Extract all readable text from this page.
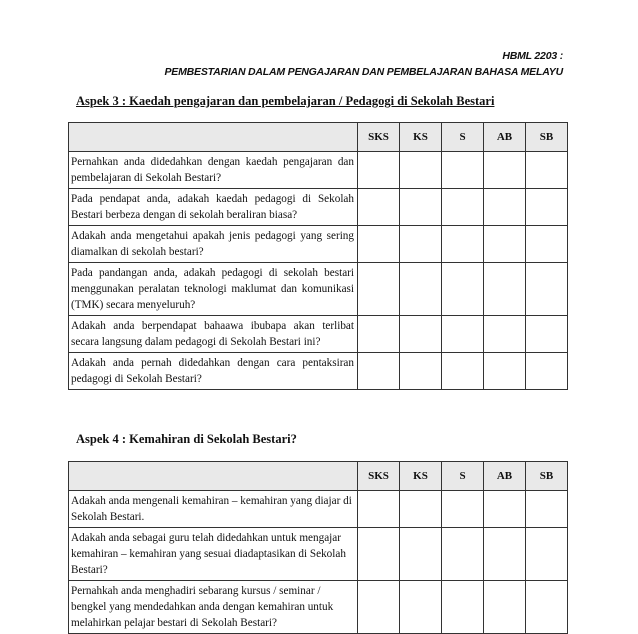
HBML 2203 :
PEMBESTARIAN DALAM PENGAJARAN DAN PEMBELAJARAN BAHASA MELAYU
Aspek 3 : Kaedah pengajaran dan pembelajaran / Pedagogi di Sekolah Bestari
	SKS	KS	S	AB	SB
Pernahkan anda didedahkan dengan kaedah pengajaran dan pembelajaran di Sekolah Bestari?					
Pada pendapat anda, adakah kaedah pedagogi di Sekolah Bestari berbeza dengan di sekolah beraliran biasa?					
Adakah anda mengetahui apakah jenis pedagogi yang sering diamalkan di sekolah bestari?					
Pada pandangan anda, adakah pedagogi di sekolah bestari menggunakan peralatan teknologi maklumat dan komunikasi (TMK) secara menyeluruh?					
Adakah anda berpendapat bahaawa ibubapa akan terlibat secara langsung dalam pedagogi di Sekolah Bestari ini?					
Adakah anda pernah didedahkan dengan cara pentaksiran pedagogi di Sekolah Bestari?					
Aspek 4 : Kemahiran di Sekolah Bestari?
	SKS	KS	S	AB	SB
Adakah anda mengenali kemahiran – kemahiran yang diajar di Sekolah Bestari.					
Adakah anda sebagai guru telah didedahkan untuk mengajar kemahiran – kemahiran yang sesuai diadaptasikan di Sekolah Bestari?					
Pernahkah anda menghadiri sebarang kursus / seminar / bengkel yang mendedahkan anda dengan kemahiran untuk melahirkan pelajar bestari di Sekolah Bestari?					
